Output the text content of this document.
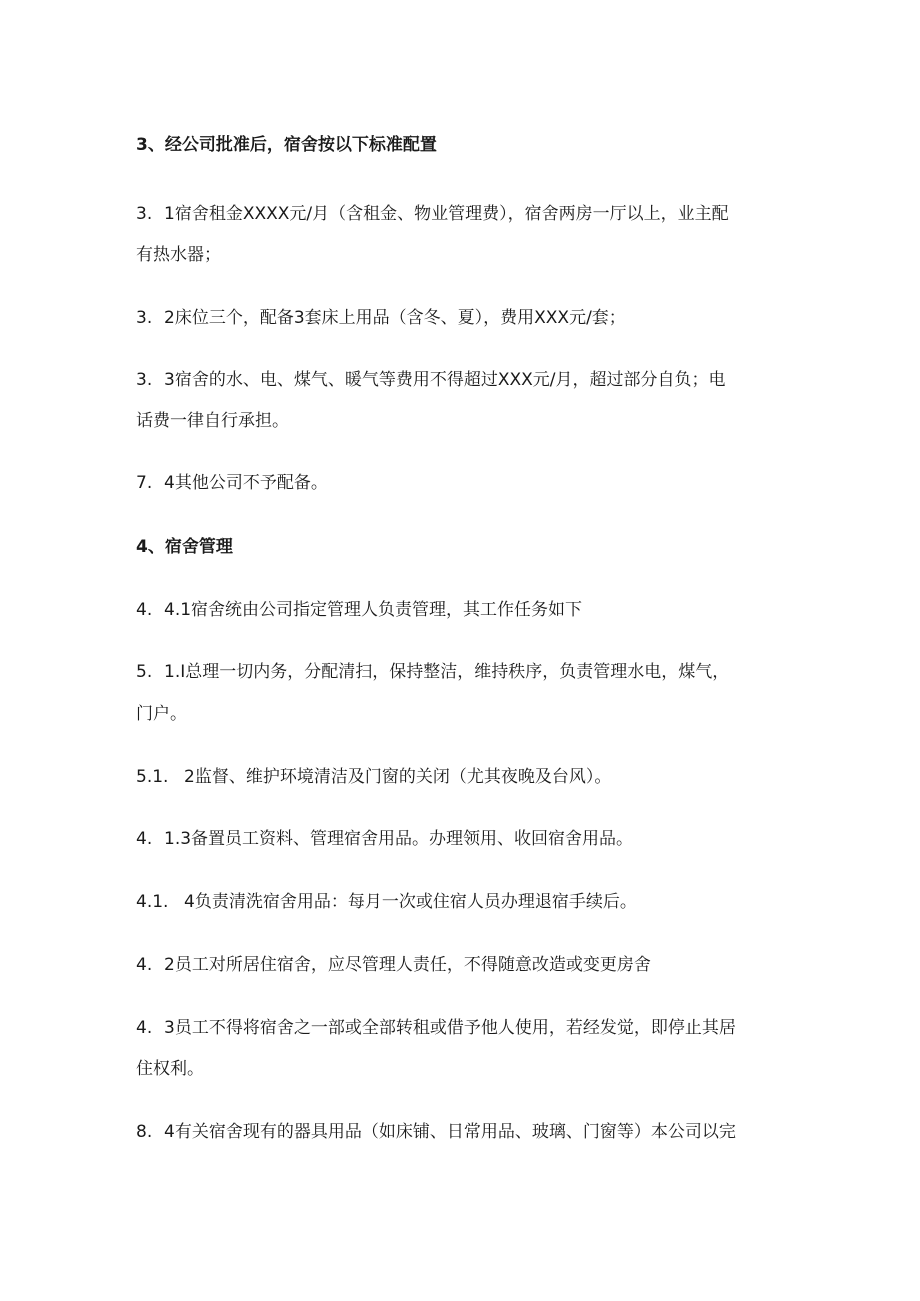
3、经公司批准后，宿舍按以下标准配置
3. 1宿舍租金XXXX元/月（含租金、物业管理费），宿舍两房一厅以上，业主配
有热水器；
3. 2床位三个，配备3套床上用品（含冬、夏），费用XXX元/套；
3. 3宿舍的水、电、煤气、暖气等费用不得超过XXX元/月，超过部分自负；电
话费一律自行承担。
7. 4其他公司不予配备。
4、宿舍管理
4. 4.1宿舍统由公司指定管理人负责管理，其工作任务如下
5. 1.I总理一切内务，分配清扫，保持整洁，维持秩序，负责管理水电，煤气，
门户。
5.1. 2监督、维护环境清洁及门窗的关闭（尤其夜晚及台风）。
4. 1.3备置员工资料、管理宿舍用品。办理领用、收回宿舍用品。
4.1. 4负责清洗宿舍用品：每月一次或住宿人员办理退宿手续后。
4. 2员工对所居住宿舍，应尽管理人责任，不得随意改造或变更房舍
4. 3员工不得将宿舍之一部或全部转租或借予他人使用，若经发觉，即停止其居
住权利。
8. 4有关宿舍现有的器具用品（如床铺、日常用品、玻璃、门窗等）本公司以完
